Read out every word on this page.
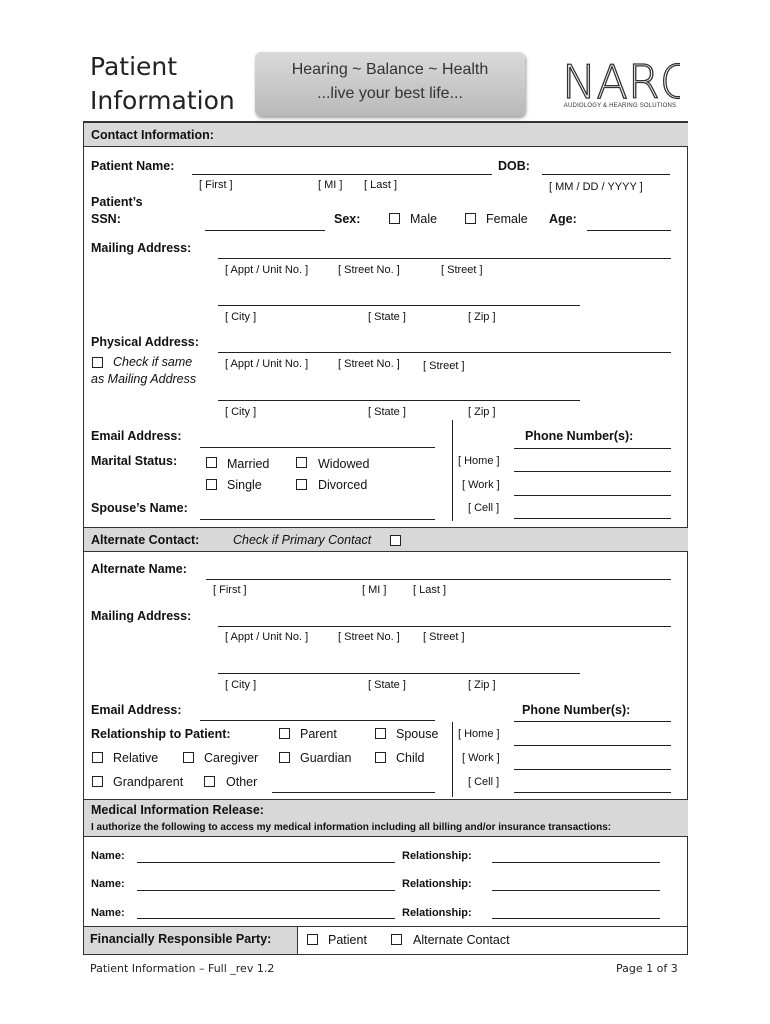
Patient
Information
Hearing ~ Balance ~ Health
...live your best life...	NARO
AUDIOLOGY & HEARING SOLUTIONS
Contact Information:
Patient Name:	DOB:
[ First ]	[ MI ] [ Last ]	[ MM / DD / YYYY ]
Patient’s
SSN:	Sex:	Male	Female Age:
Mailing Address:
[ Appt / Unit No. ]	[ Street No. ]	[ Street ]
[ City ]	[ State ]	[ Zip ]
Physical Address:
Check if same
as Mailing Address
[ Appt / Unit No. ]	[ Street No. ] [ Street ]
[ City ]	[ State ]	[ Zip ]
Email Address:	Phone Number(s):
Marital Status:	Married	Widowed
Single	Divorced
[ Home ]
[ Work ]
[ Cell ]
Spouse’s Name:
Alternate Contact:	Check if Primary Contact
Alternate Name:
[ First ]	[ MI ] [ Last ]
Mailing Address:
[ Appt / Unit No. ]	[ Street No. ] [ Street ]
[ City ]	[ State ]	[ Zip ]
Email Address:	Phone Number(s):
Relationship to Patient:	Parent	Spouse
Relative	Caregiver	Guardian	Child
Grandparent	Other
[ Home ]
[ Work ]
[ Cell ]
Medical Information Release:
I authorize the following to access my medical information including all billing and/or insurance transactions:
Name:	Relationship:
Name:	Relationship:
Name:	Relationship:
Financially Responsible Party:	Patient	Alternate Contact
Patient Information – Full _rev 1.2	Page 1 of 3
